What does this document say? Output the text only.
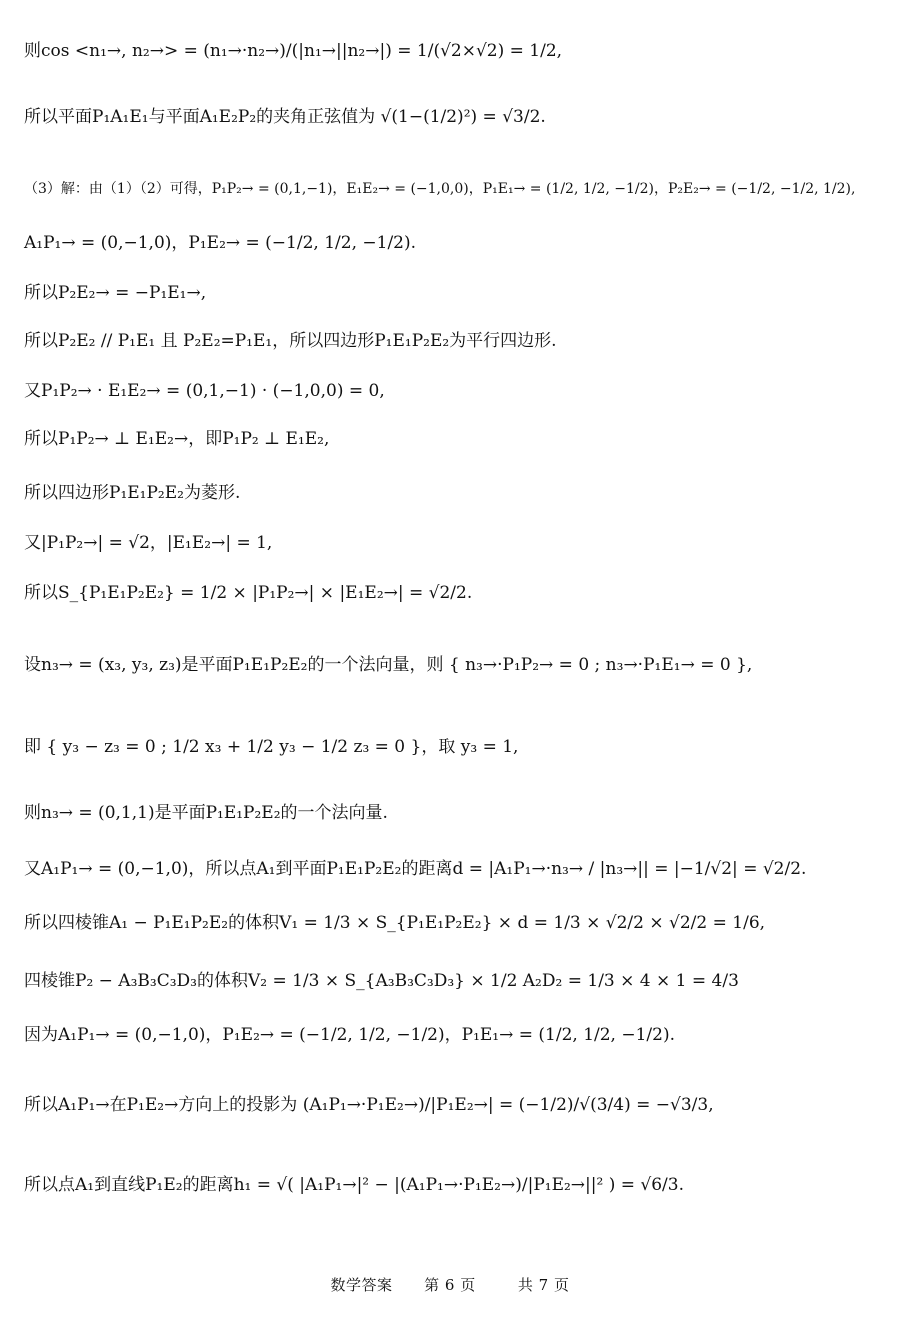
则cos <n₁→, n₂→> = (n₁→·n₂→)/(|n₁→||n₂→|) = 1/(√2×√2) = 1/2,
所以平面P₁A₁E₁与平面A₁E₂P₂的夹角正弦值为 √(1−(1/2)²) = √3/2.
（3）解：由（1）（2）可得，P₁P₂→ = (0,1,−1)，E₁E₂→ = (−1,0,0)，P₁E₁→ = (1/2, 1/2, −1/2)，P₂E₂→ = (−1/2, −1/2, 1/2),
A₁P₁→ = (0,−1,0)，P₁E₂→ = (−1/2, 1/2, −1/2).
所以P₂E₂→ = −P₁E₁→,
所以P₂E₂ // P₁E₁ 且 P₂E₂=P₁E₁，所以四边形P₁E₁P₂E₂为平行四边形.
又P₁P₂→ · E₁E₂→ = (0,1,−1) · (−1,0,0) = 0,
所以P₁P₂→ ⊥ E₁E₂→，即P₁P₂ ⊥ E₁E₂,
所以四边形P₁E₁P₂E₂为菱形.
又|P₁P₂→| = √2，|E₁E₂→| = 1,
所以S_{P₁E₁P₂E₂} = 1/2 × |P₁P₂→| × |E₁E₂→| = √2/2.
设n₃→ = (x₃, y₃, z₃)是平面P₁E₁P₂E₂的一个法向量，则 { n₃→·P₁P₂→ = 0 ; n₃→·P₁E₁→ = 0 },
即 { y₃ − z₃ = 0 ; 1/2 x₃ + 1/2 y₃ − 1/2 z₃ = 0 }，取 y₃ = 1,
则n₃→ = (0,1,1)是平面P₁E₁P₂E₂的一个法向量.
又A₁P₁→ = (0,−1,0)，所以点A₁到平面P₁E₁P₂E₂的距离d = |A₁P₁→·n₃→ / |n₃→|| = |−1/√2| = √2/2.
所以四棱锥A₁ − P₁E₁P₂E₂的体积V₁ = 1/3 × S_{P₁E₁P₂E₂} × d = 1/3 × √2/2 × √2/2 = 1/6,
四棱锥P₂ − A₃B₃C₃D₃的体积V₂ = 1/3 × S_{A₃B₃C₃D₃} × 1/2 A₂D₂ = 1/3 × 4 × 1 = 4/3
因为A₁P₁→ = (0,−1,0)，P₁E₂→ = (−1/2, 1/2, −1/2)，P₁E₁→ = (1/2, 1/2, −1/2).
所以A₁P₁→在P₁E₂→方向上的投影为 (A₁P₁→·P₁E₂→)/|P₁E₂→| = (−1/2)/√(3/4) = −√3/3,
所以点A₁到直线P₁E₂的距离h₁ = √( |A₁P₁→|² − |(A₁P₁→·P₁E₂→)/|P₁E₂→||² ) = √6/3.
数学答案      第 6 页        共 7 页
